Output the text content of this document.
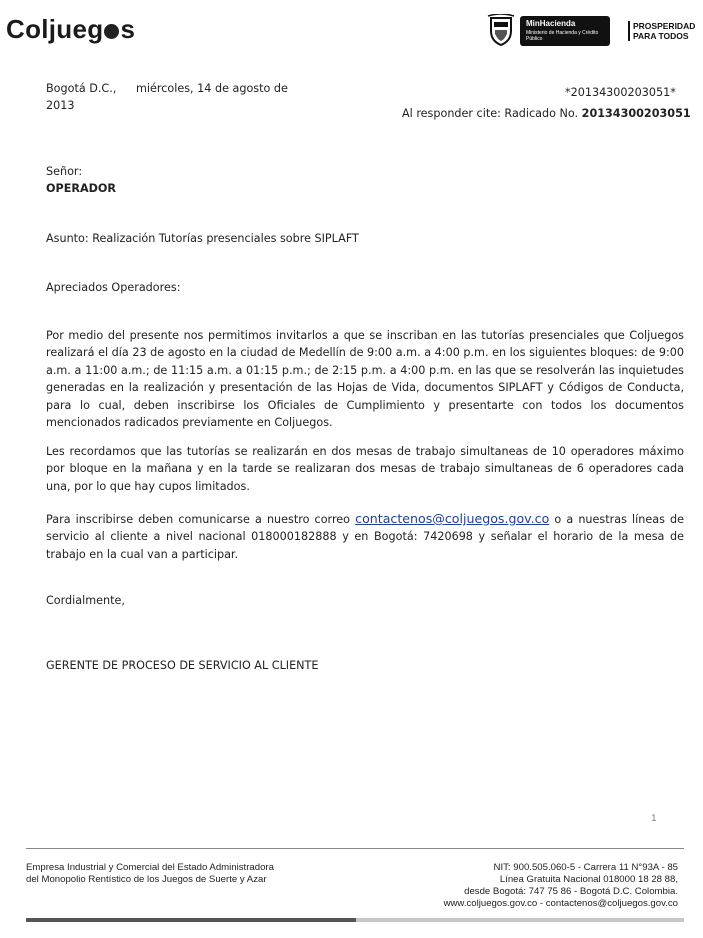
Coljueg s	MinHacienda
Ministerio de Hacienda y Crédito Público
PROSPERIDAD
PARA TODOS
Bogotá D.C., miércoles, 14 de agosto de
2013
*20134300203051*
Al responder cite: Radicado No. 20134300203051
Señor:
OPERADOR
Asunto: Realización Tutorías presenciales sobre SIPLAFT
Apreciados Operadores:
Por medio del presente nos permitimos invitarlos a que se inscriban en las tutorías presenciales que Coljuegos realizará el día 23 de agosto en la ciudad de Medellín de 9:00 a.m. a 4:00 p.m. en los siguientes bloques: de 9:00 a.m. a 11:00 a.m.; de 11:15 a.m. a 01:15 p.m.; de 2:15 p.m. a 4:00 p.m. en las que se resolverán las inquietudes generadas en la realización y presentación de las Hojas de Vida, documentos SIPLAFT y Códigos de Conducta, para lo cual, deben inscribirse los Oficiales de Cumplimiento y presentarte con todos los documentos mencionados radicados previamente en Coljuegos.
Les recordamos que las tutorías se realizarán en dos mesas de trabajo simultaneas de 10 operadores máximo por bloque en la mañana y en la tarde se realizaran dos mesas de trabajo simultaneas de 6 operadores cada una, por lo que hay cupos limitados.
Para inscribirse deben comunicarse a nuestro correo contactenos@coljuegos.gov.co o a nuestras líneas de servicio al cliente a nivel nacional 018000182888 y en Bogotá: 7420698 y señalar el horario de la mesa de trabajo en la cual van a participar.
Cordialmente,
GERENTE DE PROCESO DE SERVICIO AL CLIENTE
1
Empresa Industrial y Comercial del Estado Administradora
del Monopolio Rentístico de los Juegos de Suerte y Azar
NIT: 900.505.060-5 - Carrera 11 N°93A - 85
Línea Gratuita Nacional 018000 18 28 88,
desde Bogotá: 747 75 86 - Bogotá D.C. Colombia.
www.coljuegos.gov.co - contactenos@coljuegos.gov.co
